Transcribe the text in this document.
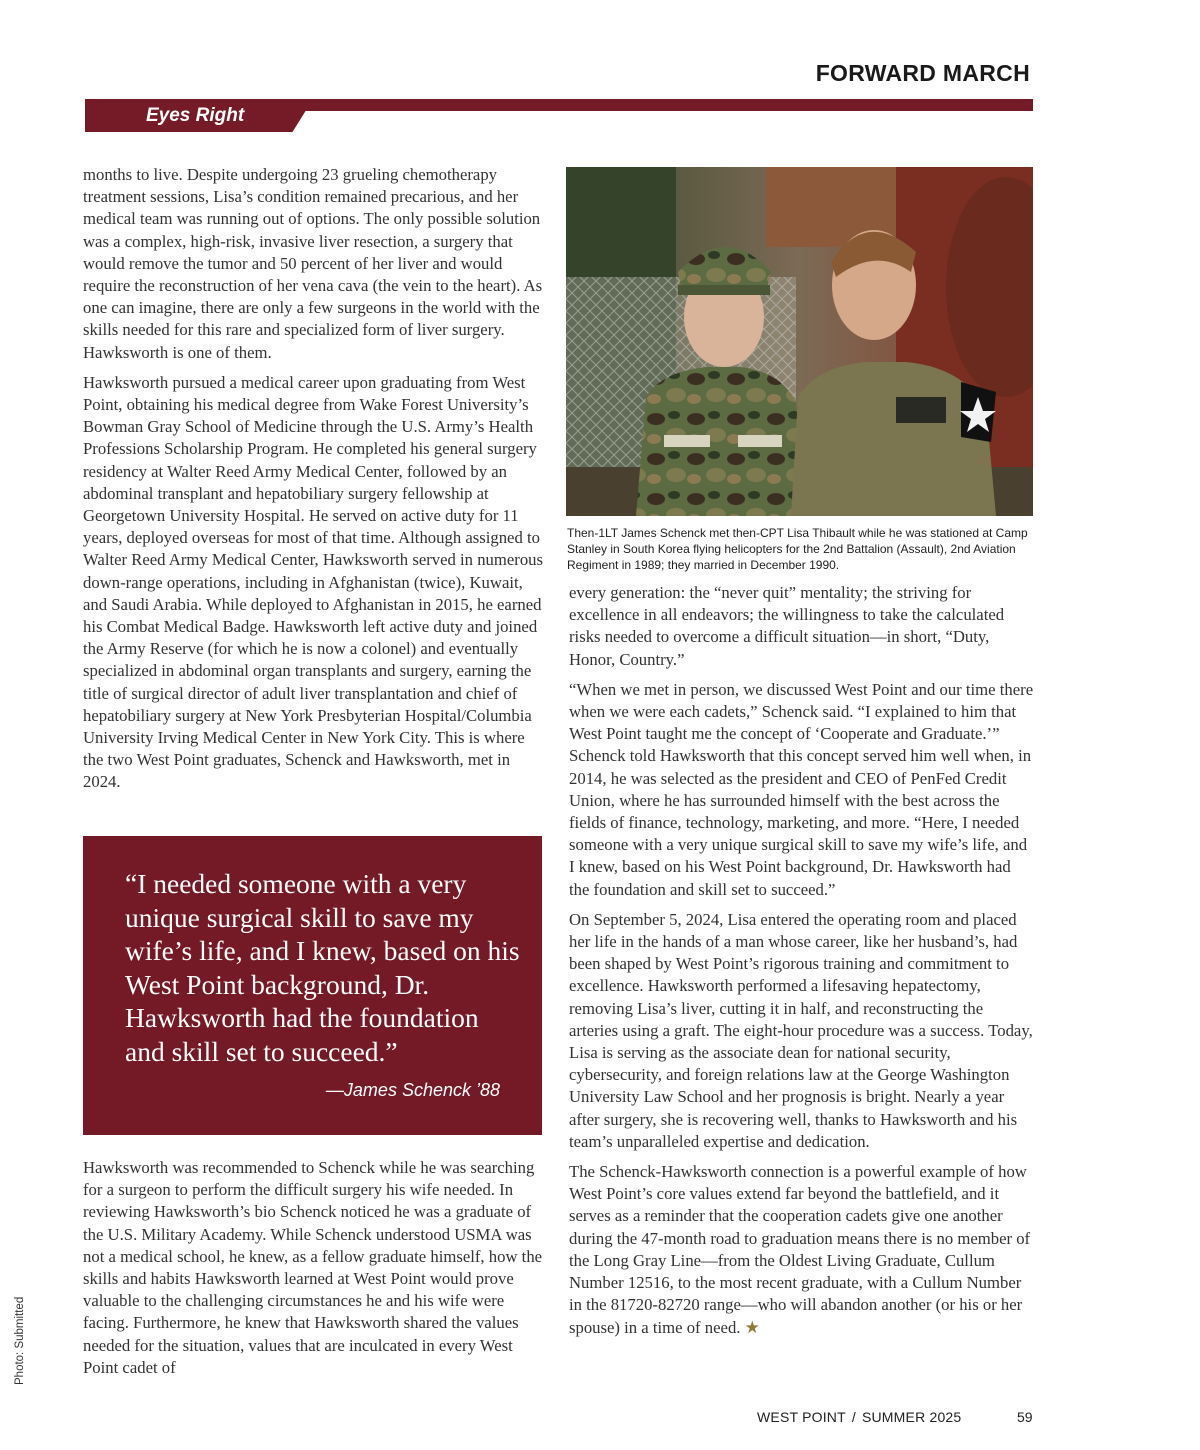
FORWARD MARCH
Eyes Right

months to live. Despite undergoing 23 grueling chemotherapy treatment sessions, Lisa’s condition remained precarious, and her medical team was running out of options. The only possible solution was a complex, high-risk, invasive liver resection, a surgery that would remove the tumor and 50 percent of her liver and would require the reconstruction of her vena cava (the vein to the heart). As one can imagine, there are only a few surgeons in the world with the skills needed for this rare and specialized form of liver surgery. Hawksworth is one of them.

Hawksworth pursued a medical career upon graduating from West Point, obtaining his medical degree from Wake Forest University’s Bowman Gray School of Medicine through the U.S. Army’s Health Professions Scholarship Program. He completed his general surgery residency at Walter Reed Army Medical Center, followed by an abdominal transplant and hepatobiliary surgery fellowship at Georgetown University Hospital. He served on active duty for 11 years, deployed overseas for most of that time. Although assigned to Walter Reed Army Medical Center, Hawksworth served in numerous down-range operations, including in Afghanistan (twice), Kuwait, and Saudi Arabia. While deployed to Afghanistan in 2015, he earned his Combat Medical Badge. Hawksworth left active duty and joined the Army Reserve (for which he is now a colonel) and eventually specialized in abdominal organ transplants and surgery, earning the title of surgical director of adult liver transplantation and chief of hepatobiliary surgery at New York Presbyterian Hospital/Columbia University Irving Medical Center in New York City. This is where the two West Point graduates, Schenck and Hawksworth, met in 2024.

“I needed someone with a very unique surgical skill to save my wife’s life, and I knew, based on his West Point background, Dr. Hawksworth had the foundation and skill set to succeed.”
—James Schenck ’88

Hawksworth was recommended to Schenck while he was searching for a surgeon to perform the difficult surgery his wife needed. In reviewing Hawksworth’s bio Schenck noticed he was a graduate of the U.S. Military Academy. While Schenck understood USMA was not a medical school, he knew, as a fellow graduate himself, how the skills and habits Hawksworth learned at West Point would prove valuable to the challenging circumstances he and his wife were facing. Furthermore, he knew that Hawksworth shared the values needed for the situation, values that are inculcated in every West Point cadet of

Then-1LT James Schenck met then-CPT Lisa Thibault while he was stationed at Camp Stanley in South Korea flying helicopters for the 2nd Battalion (Assault), 2nd Aviation Regiment in 1989; they married in December 1990.

every generation: the “never quit” mentality; the striving for excellence in all endeavors; the willingness to take the calculated risks needed to overcome a difficult situation—in short, “Duty, Honor, Country.”

“When we met in person, we discussed West Point and our time there when we were each cadets,” Schenck said. “I explained to him that West Point taught me the concept of ‘Cooperate and Graduate.’” Schenck told Hawksworth that this concept served him well when, in 2014, he was selected as the president and CEO of PenFed Credit Union, where he has surrounded himself with the best across the fields of finance, technology, marketing, and more. “Here, I needed someone with a very unique surgical skill to save my wife’s life, and I knew, based on his West Point background, Dr. Hawksworth had the foundation and skill set to succeed.”

On September 5, 2024, Lisa entered the operating room and placed her life in the hands of a man whose career, like her husband’s, had been shaped by West Point’s rigorous training and commitment to excellence. Hawksworth performed a lifesaving hepatectomy, removing Lisa’s liver, cutting it in half, and reconstructing the arteries using a graft. The eight-hour procedure was a success. Today, Lisa is serving as the associate dean for national security, cybersecurity, and foreign relations law at the George Washington University Law School and her prognosis is bright. Nearly a year after surgery, she is recovering well, thanks to Hawksworth and his team’s unparalleled expertise and dedication.

The Schenck-Hawksworth connection is a powerful example of how West Point’s core values extend far beyond the battlefield, and it serves as a reminder that the cooperation cadets give one another during the 47-month road to graduation means there is no member of the Long Gray Line—from the Oldest Living Graduate, Cullum Number 12516, to the most recent graduate, with a Cullum Number in the 81720-82720 range—who will abandon another (or his or her spouse) in a time of need. ★

Photo: Submitted
WEST POINT / SUMMER 2025	59
